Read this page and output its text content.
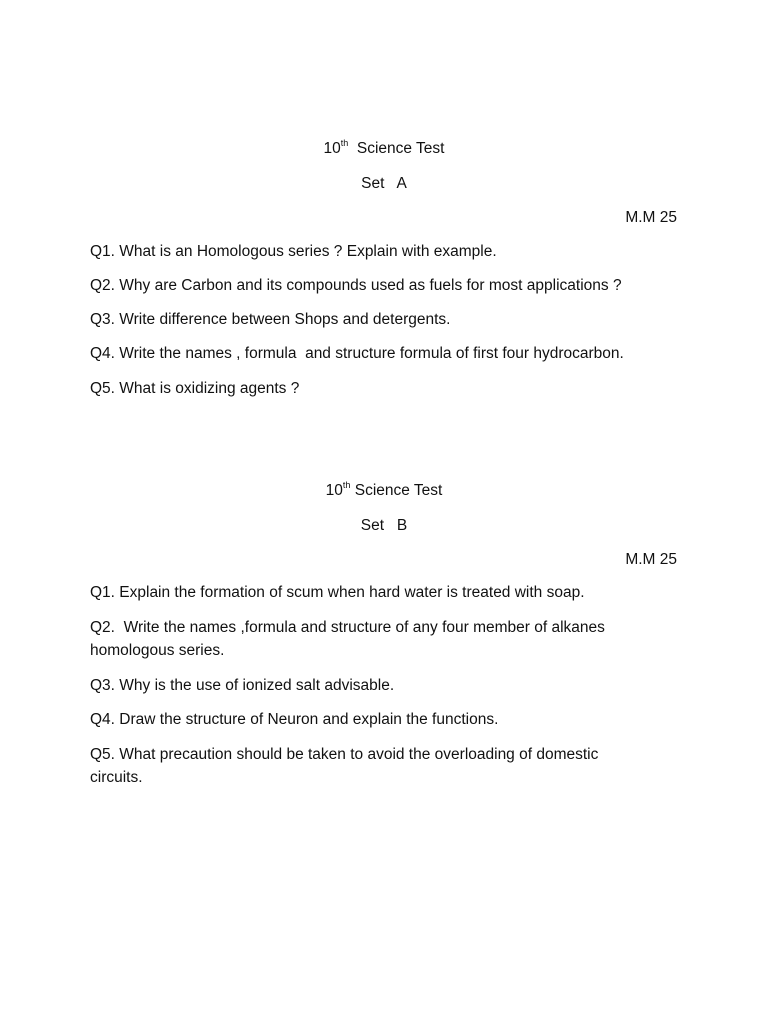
10th  Science Test
Set   A
M.M 25
Q1. What is an Homologous series ? Explain with example.
Q2. Why are Carbon and its compounds used as fuels for most applications ?
Q3. Write difference between Shops and detergents.
Q4. Write the names , formula  and structure formula of first four hydrocarbon.
Q5. What is oxidizing agents ?
10th Science Test
Set   B
M.M 25
Q1. Explain the formation of scum when hard water is treated with soap.
Q2.  Write the names ,formula and structure of any four member of alkanes homologous series.
Q3. Why is the use of ionized salt advisable.
Q4. Draw the structure of Neuron and explain the functions.
Q5. What precaution should be taken to avoid the overloading of domestic circuits.
